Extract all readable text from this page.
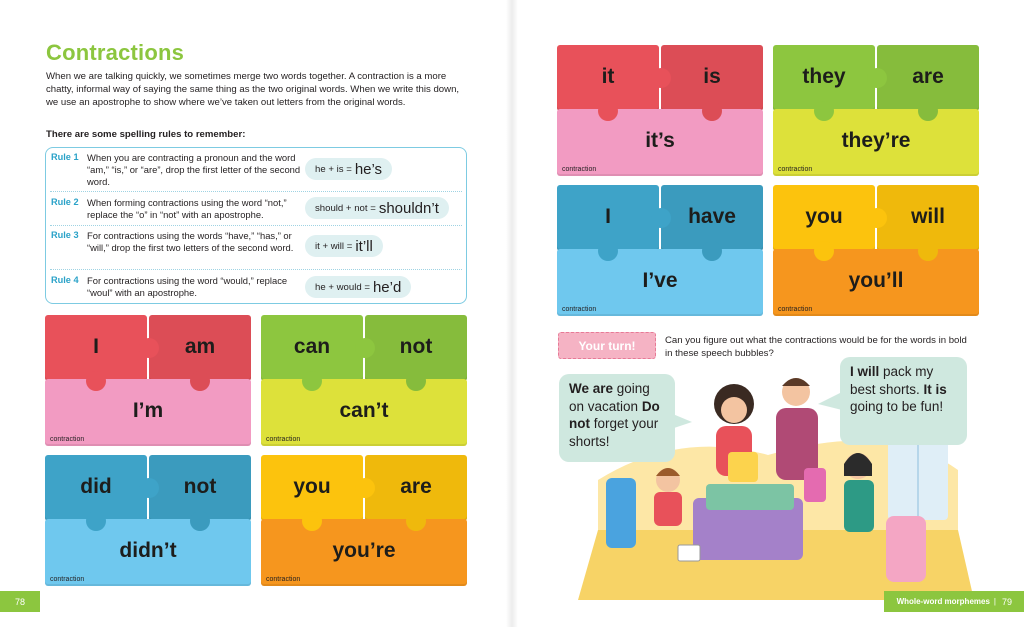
Contractions
When we are talking quickly, we sometimes merge two words together. A contraction is a more chatty, informal way of saying the same thing as the two original words. When we write this down, we use an apostrophe to show where we’ve taken out letters from the original words.
There are some spelling rules to remember:
Rule 1 When you are contracting a pronoun and the word “am,” “is,” or “are”, drop the first letter of the second word.
he + is = he’s
Rule 2 When forming contractions using the word “not,” replace the “o” in “not” with an apostrophe.
should + not = shouldn’t
Rule 3 For contractions using the words “have,” “has,” or “will,” drop the first two letters of the second word.	it + will = it’ll
Rule 4 For contractions using the word “would,” replace “woul” with an apostrophe.
he + would = he’d
I	am
I’m
contraction
can	not
can’t
contraction
did	not
didn’t
contraction
you	are
you’re
contraction
it	is
it’s
contraction
they	are
they’re
contraction
I	have
I’ve
contraction
you	will
you’ll
contraction
Your turn!	Can you figure out what the contractions would be for the words in bold in these speech bubbles?
We are going on vacation Do not forget your shorts!
I will pack my best shorts. It is going to be fun!
78	Whole-word morphemes | 79
